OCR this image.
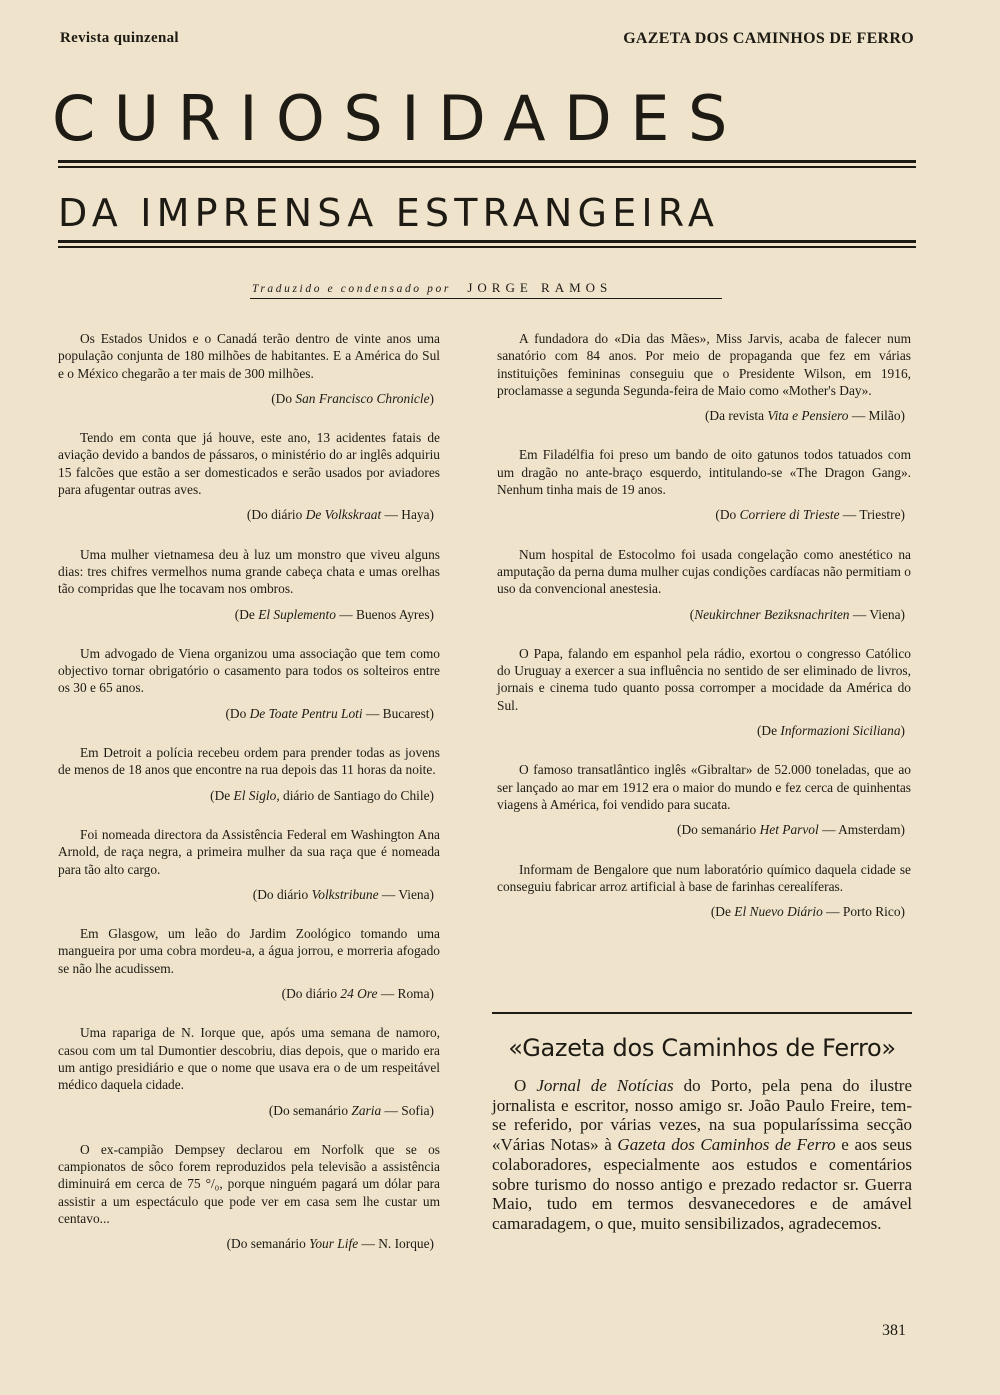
Revista quinzenal	GAZETA DOS CAMINHOS DE FERRO
CURIOSIDADES
DA IMPRENSA ESTRANGEIRA
Traduzido e condensado por JORGE RAMOS

Os Estados Unidos e o Canadá terão dentro de vinte anos uma população conjunta de 180 milhões de habitantes. E a América do Sul e o México chegarão a ter mais de 300 milhões.

(Do San Francisco Chronicle)

Tendo em conta que já houve, este ano, 13 acidentes fatais de aviação devido a bandos de pássaros, o ministério do ar inglês adquiriu 15 falcões que estão a ser domesticados e serão usados por aviadores para afugentar outras aves.

(Do diário De Volkskraat — Haya)

Uma mulher vietnamesa deu à luz um monstro que viveu alguns dias: tres chifres vermelhos numa grande cabeça chata e umas orelhas tão compridas que lhe tocavam nos ombros.

(De El Suplemento — Buenos Ayres)

Um advogado de Viena organizou uma associação que tem como objectivo tornar obrigatório o casamento para todos os solteiros entre os 30 e 65 anos.

(Do De Toate Pentru Loti — Bucarest)

Em Detroit a polícia recebeu ordem para prender todas as jovens de menos de 18 anos que encontre na rua depois das 11 horas da noite.

(De El Siglo, diário de Santiago do Chile)

Foi nomeada directora da Assistência Federal em Washington Ana Arnold, de raça negra, a primeira mulher da sua raça que é nomeada para tão alto cargo.

(Do diário Volkstribune — Viena)

Em Glasgow, um leão do Jardim Zoológico tomando uma mangueira por uma cobra mordeu-a, a água jorrou, e morreria afogado se não lhe acudissem.

(Do diário 24 Ore — Roma)

Uma rapariga de N. Iorque que, após uma semana de namoro, casou com um tal Dumontier descobriu, dias depois, que o marido era um antigo presidiário e que o nome que usava era o de um respeitável médico daquela cidade.

(Do semanário Zaria — Sofia)

O ex-campião Dempsey declarou em Norfolk que se os campionatos de sôco forem reproduzidos pela televisão a assistência diminuirá em cerca de 75 °/₀, porque ninguém pagará um dólar para assistir a um espectáculo que pode ver em casa sem lhe custar um centavo...

(Do semanário Your Life — N. Iorque)

A fundadora do «Dia das Mães», Miss Jarvis, acaba de falecer num sanatório com 84 anos. Por meio de propaganda que fez em várias instituições femininas conseguiu que o Presidente Wilson, em 1916, proclamasse a segunda Segunda-feira de Maio como «Mother's Day».

(Da revista Vita e Pensiero — Milão)

Em Filadélfia foi preso um bando de oito gatunos todos tatuados com um dragão no ante-braço esquerdo, intitulando-se «The Dragon Gang». Nenhum tinha mais de 19 anos.

(Do Corriere di Trieste — Triestre)

Num hospital de Estocolmo foi usada congelação como anestético na amputação da perna duma mulher cujas condições cardíacas não permitiam o uso da convencional anestesia.

(Neukirchner Beziksnachriten — Viena)

O Papa, falando em espanhol pela rádio, exortou o congresso Católico do Uruguay a exercer a sua influência no sentido de ser eliminado de livros, jornais e cinema tudo quanto possa corromper a mocidade da América do Sul.

(De Informazioni Siciliana)

O famoso transatlântico inglês «Gibraltar» de 52.000 toneladas, que ao ser lançado ao mar em 1912 era o maior do mundo e fez cerca de quinhentas viagens à América, foi vendido para sucata.

(Do semanário Het Parvol — Amsterdam)

Informam de Bengalore que num laboratório químico daquela cidade se conseguiu fabricar arroz artificial à base de farinhas cerealíferas.

(De El Nuevo Diário — Porto Rico)

«Gazeta dos Caminhos de Ferro»

O Jornal de Notícias do Porto, pela pena do ilustre jornalista e escritor, nosso amigo sr. João Paulo Freire, tem-se referido, por várias vezes, na sua popularíssima secção «Várias Notas» à Gazeta dos Caminhos de Ferro e aos seus colaboradores, especialmente aos estudos e comentários sobre turismo do nosso antigo e prezado redactor sr. Guerra Maio, tudo em termos desvanecedores e de amável camaradagem, o que, muito sensibilizados, agradecemos.

381
